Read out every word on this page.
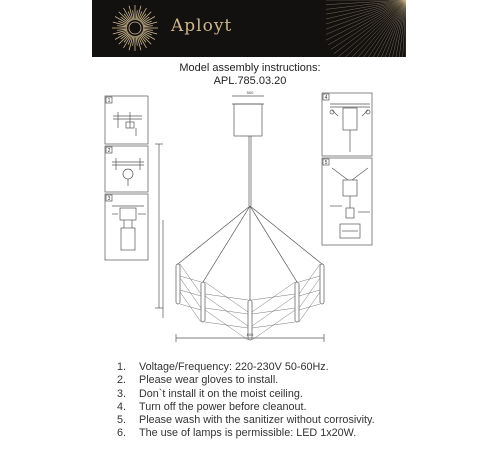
Aployt
Model assembly instructions:
APL.785.03.20
500
800
1
2
3
4
5
1.	Voltage/Frequency: 220-230V 50-60Hz.
2.	Please wear gloves to install.
3.	Don`t install it on the moist ceiling.
4.	Turn off the power before cleanout.
5.	Please wash with the sanitizer without corrosivity.
6.	The use of lamps is permissible: LED 1x20W.
